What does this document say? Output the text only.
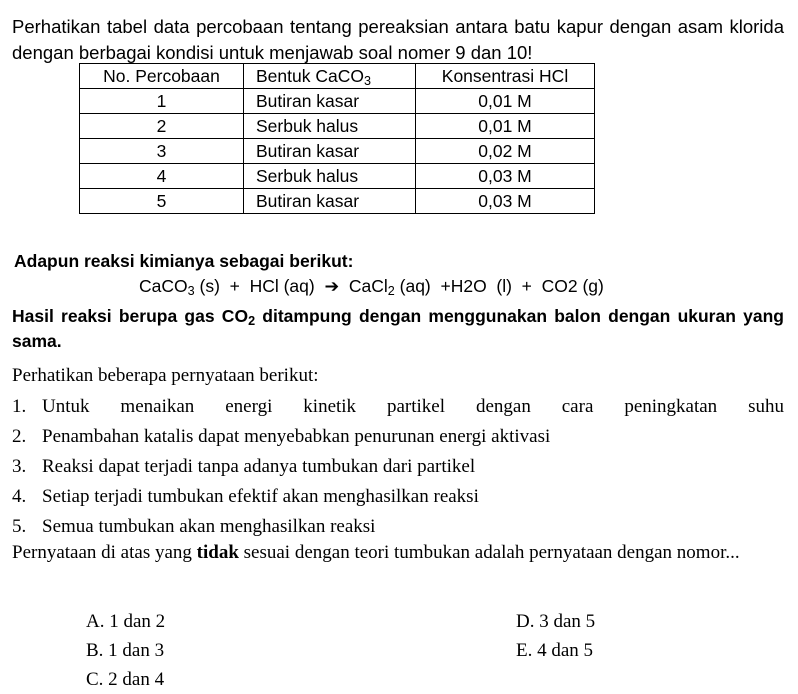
Perhatikan tabel data percobaan tentang pereaksian antara batu kapur dengan asam klorida dengan berbagai kondisi untuk menjawab soal nomer 9 dan 10!
No. Percobaan	Bentuk CaCO$_3$	Konsentrasi HCl
1	Butiran kasar	0,01 M
2	Serbuk halus	0,01 M
3	Butiran kasar	0,02 M
4	Serbuk halus	0,03 M
5	Butiran kasar	0,03 M
Adapun reaksi kimianya sebagai berikut:
CaCO$_3$ (s)  +  HCl (aq)  ➔  CaCl$_2$ (aq)  +H2O  (l)  +  CO2 (g)
Hasil reaksi berupa gas $CO_2$ ditampung dengan menggunakan balon dengan ukuran yang sama.
Perhatikan beberapa pernyataan berikut:
1. Untuk menaikan energi kinetik partikel dengan cara peningkatan suhu
2. Penambahan katalis dapat menyebabkan penurunan energi aktivasi
3. Reaksi dapat terjadi tanpa adanya tumbukan dari partikel
4. Setiap terjadi tumbukan efektif akan menghasilkan reaksi
5. Semua tumbukan akan menghasilkan reaksi
Pernyataan di atas yang tidak sesuai dengan teori tumbukan adalah pernyataan dengan nomor...
A. 1 dan 2
B. 1 dan 3
C. 2 dan 4
D. 3 dan 5
E. 4 dan 5
